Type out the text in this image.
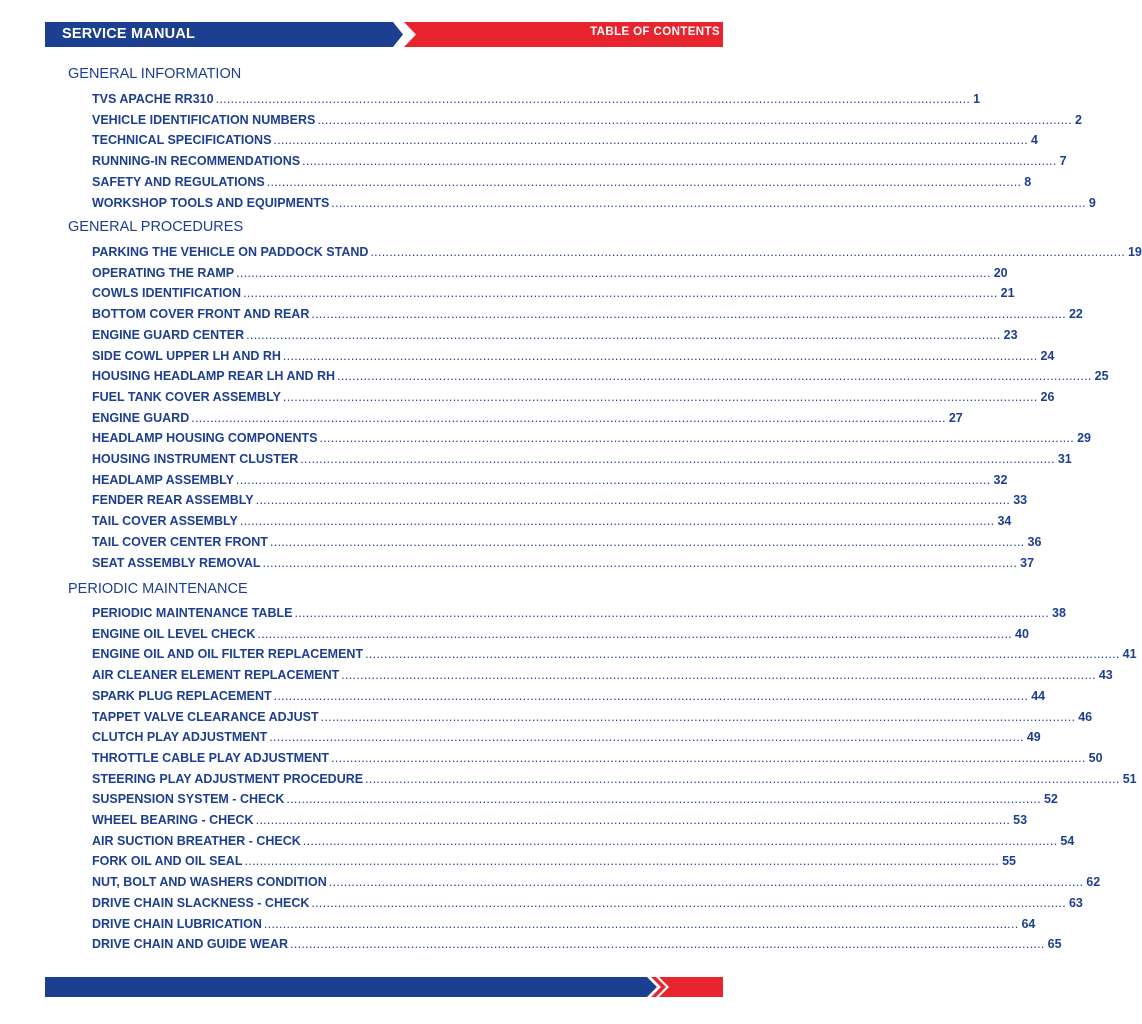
SERVICE MANUAL	TABLE OF CONTENTS
GENERAL INFORMATION
TVS APACHE RR310 ........................................................................................................................................................................................................ 1
VEHICLE IDENTIFICATION NUMBERS ........................................................................................................................................................................................................ 2
TECHNICAL SPECIFICATIONS ........................................................................................................................................................................................................ 4
RUNNING-IN RECOMMENDATIONS ........................................................................................................................................................................................................ 7
SAFETY AND REGULATIONS ........................................................................................................................................................................................................ 8
WORKSHOP TOOLS AND EQUIPMENTS ........................................................................................................................................................................................................ 9
GENERAL PROCEDURES
PARKING THE VEHICLE ON PADDOCK STAND ........................................................................................................................................................................................................ 19
OPERATING THE RAMP ........................................................................................................................................................................................................ 20
COWLS IDENTIFICATION ........................................................................................................................................................................................................ 21
BOTTOM COVER FRONT AND REAR ........................................................................................................................................................................................................ 22
ENGINE GUARD CENTER ........................................................................................................................................................................................................ 23
SIDE COWL UPPER LH AND RH ........................................................................................................................................................................................................ 24
HOUSING HEADLAMP REAR LH AND RH ........................................................................................................................................................................................................ 25
FUEL TANK COVER ASSEMBLY ........................................................................................................................................................................................................ 26
ENGINE GUARD ........................................................................................................................................................................................................ 27
HEADLAMP HOUSING COMPONENTS ........................................................................................................................................................................................................ 29
HOUSING INSTRUMENT CLUSTER ........................................................................................................................................................................................................ 31
HEADLAMP ASSEMBLY ........................................................................................................................................................................................................ 32
FENDER REAR ASSEMBLY ........................................................................................................................................................................................................ 33
TAIL COVER ASSEMBLY ........................................................................................................................................................................................................ 34
TAIL COVER CENTER FRONT ........................................................................................................................................................................................................ 36
SEAT ASSEMBLY REMOVAL ........................................................................................................................................................................................................ 37
PERIODIC MAINTENANCE
PERIODIC MAINTENANCE TABLE ........................................................................................................................................................................................................ 38
ENGINE OIL LEVEL CHECK ........................................................................................................................................................................................................ 40
ENGINE OIL AND OIL FILTER REPLACEMENT ........................................................................................................................................................................................................ 41
AIR CLEANER ELEMENT REPLACEMENT ........................................................................................................................................................................................................ 43
SPARK PLUG REPLACEMENT ........................................................................................................................................................................................................ 44
TAPPET VALVE CLEARANCE ADJUST ........................................................................................................................................................................................................ 46
CLUTCH PLAY ADJUSTMENT ........................................................................................................................................................................................................ 49
THROTTLE CABLE PLAY ADJUSTMENT ........................................................................................................................................................................................................ 50
STEERING PLAY ADJUSTMENT PROCEDURE ........................................................................................................................................................................................................ 51
SUSPENSION SYSTEM - CHECK ........................................................................................................................................................................................................ 52
WHEEL BEARING - CHECK ........................................................................................................................................................................................................ 53
AIR SUCTION BREATHER - CHECK ........................................................................................................................................................................................................ 54
FORK OIL AND OIL SEAL ........................................................................................................................................................................................................ 55
NUT, BOLT AND WASHERS CONDITION ........................................................................................................................................................................................................ 62
DRIVE CHAIN SLACKNESS - CHECK ........................................................................................................................................................................................................ 63
DRIVE CHAIN LUBRICATION ........................................................................................................................................................................................................ 64
DRIVE CHAIN AND GUIDE WEAR ........................................................................................................................................................................................................ 65
